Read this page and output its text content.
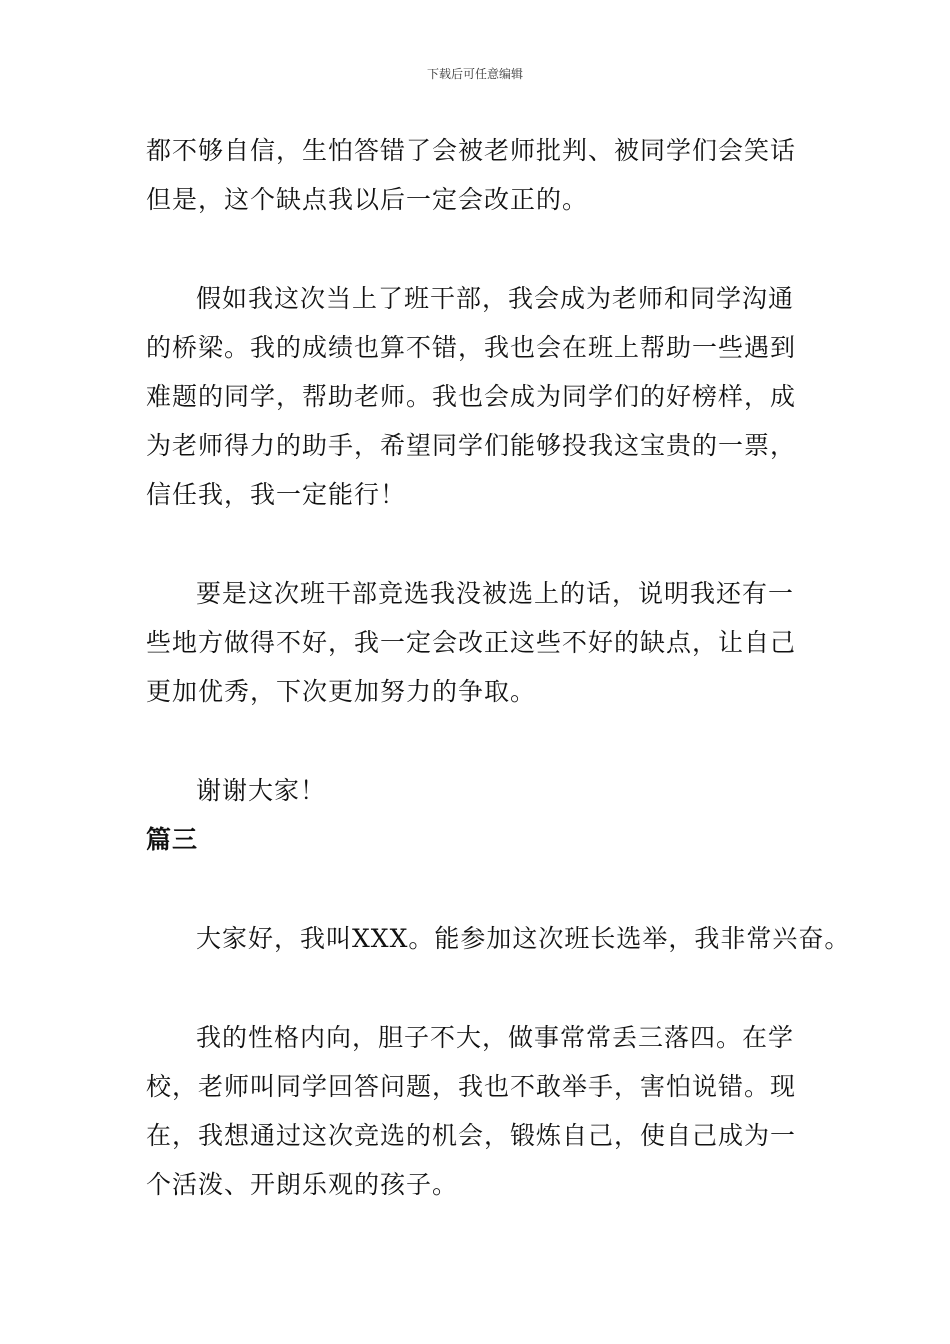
下载后可任意编辑

都不够自信，生怕答错了会被老师批判、被同学们会笑话
但是，这个缺点我以后一定会改正的。

假如我这次当上了班干部，我会成为老师和同学沟通
的桥梁。我的成绩也算不错，我也会在班上帮助一些遇到
难题的同学，帮助老师。我也会成为同学们的好榜样，成
为老师得力的助手，希望同学们能够投我这宝贵的一票，
信任我，我一定能行！

要是这次班干部竞选我没被选上的话，说明我还有一
些地方做得不好，我一定会改正这些不好的缺点，让自己
更加优秀，下次更加努力的争取。

谢谢大家！

篇三

大家好，我叫XXX。能参加这次班长选举，我非常兴奋。

我的性格内向，胆子不大，做事常常丢三落四。在学
校，老师叫同学回答问题，我也不敢举手，害怕说错。现
在，我想通过这次竞选的机会，锻炼自己，使自己成为一
个活泼、开朗乐观的孩子。
